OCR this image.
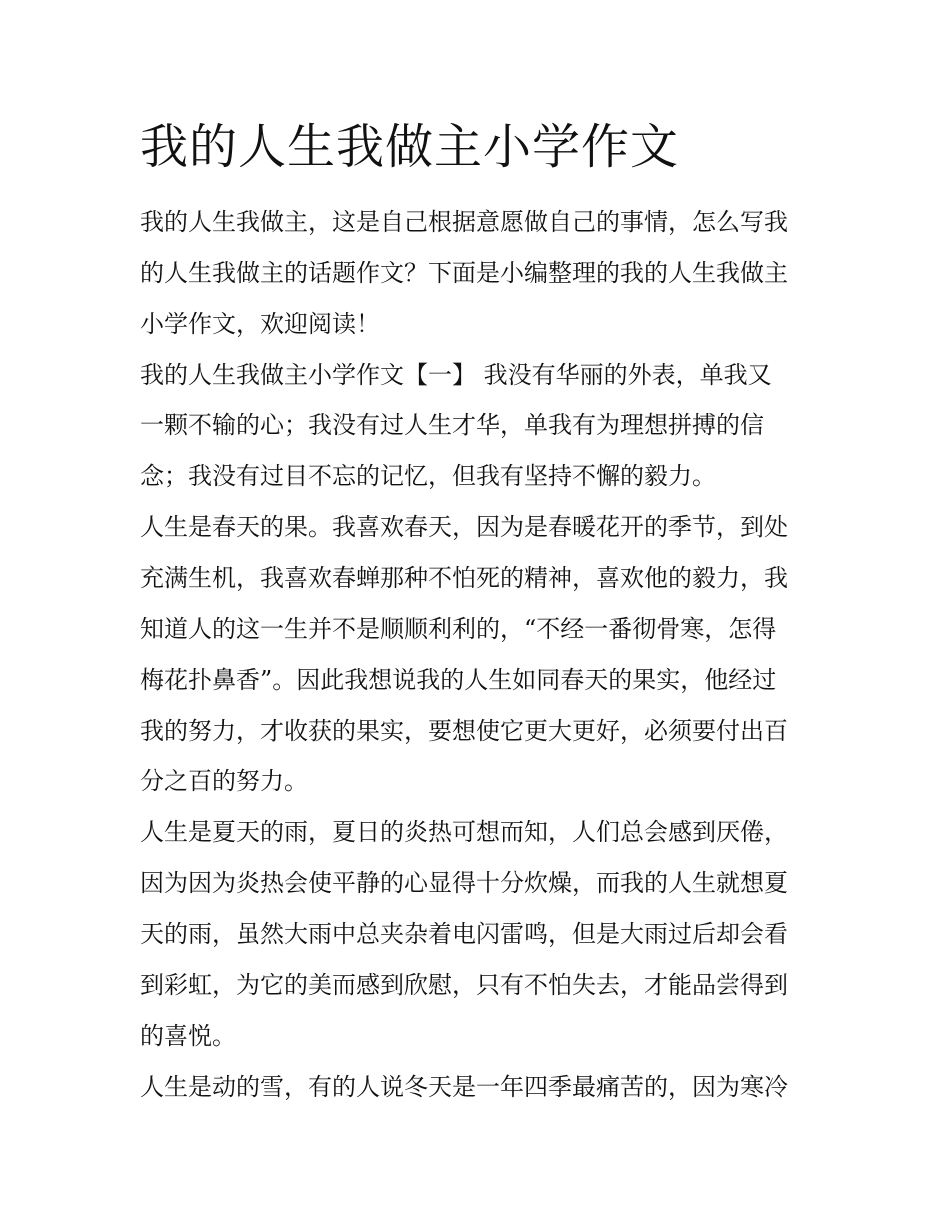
我的人生我做主小学作文

我的人生我做主，这是自己根据意愿做自己的事情，怎么写我

的人生我做主的话题作文？下面是小编整理的我的人生我做主

小学作文，欢迎阅读！

我的人生我做主小学作文【一】 我没有华丽的外表，单我又

一颗不输的心；我没有过人生才华，单我有为理想拼搏的信

念；我没有过目不忘的记忆，但我有坚持不懈的毅力。

人生是春天的果。我喜欢春天，因为是春暖花开的季节，到处

充满生机，我喜欢春蝉那种不怕死的精神，喜欢他的毅力，我

知道人的这一生并不是顺顺利利的，“不经一番彻骨寒，怎得

梅花扑鼻香”。因此我想说我的人生如同春天的果实，他经过

我的努力，才收获的果实，要想使它更大更好，必须要付出百

分之百的努力。

人生是夏天的雨，夏日的炎热可想而知，人们总会感到厌倦，

因为因为炎热会使平静的心显得十分炊燥，而我的人生就想夏

天的雨，虽然大雨中总夹杂着电闪雷鸣，但是大雨过后却会看

到彩虹，为它的美而感到欣慰，只有不怕失去，才能品尝得到

的喜悦。

人生是动的雪，有的人说冬天是一年四季最痛苦的，因为寒冷
